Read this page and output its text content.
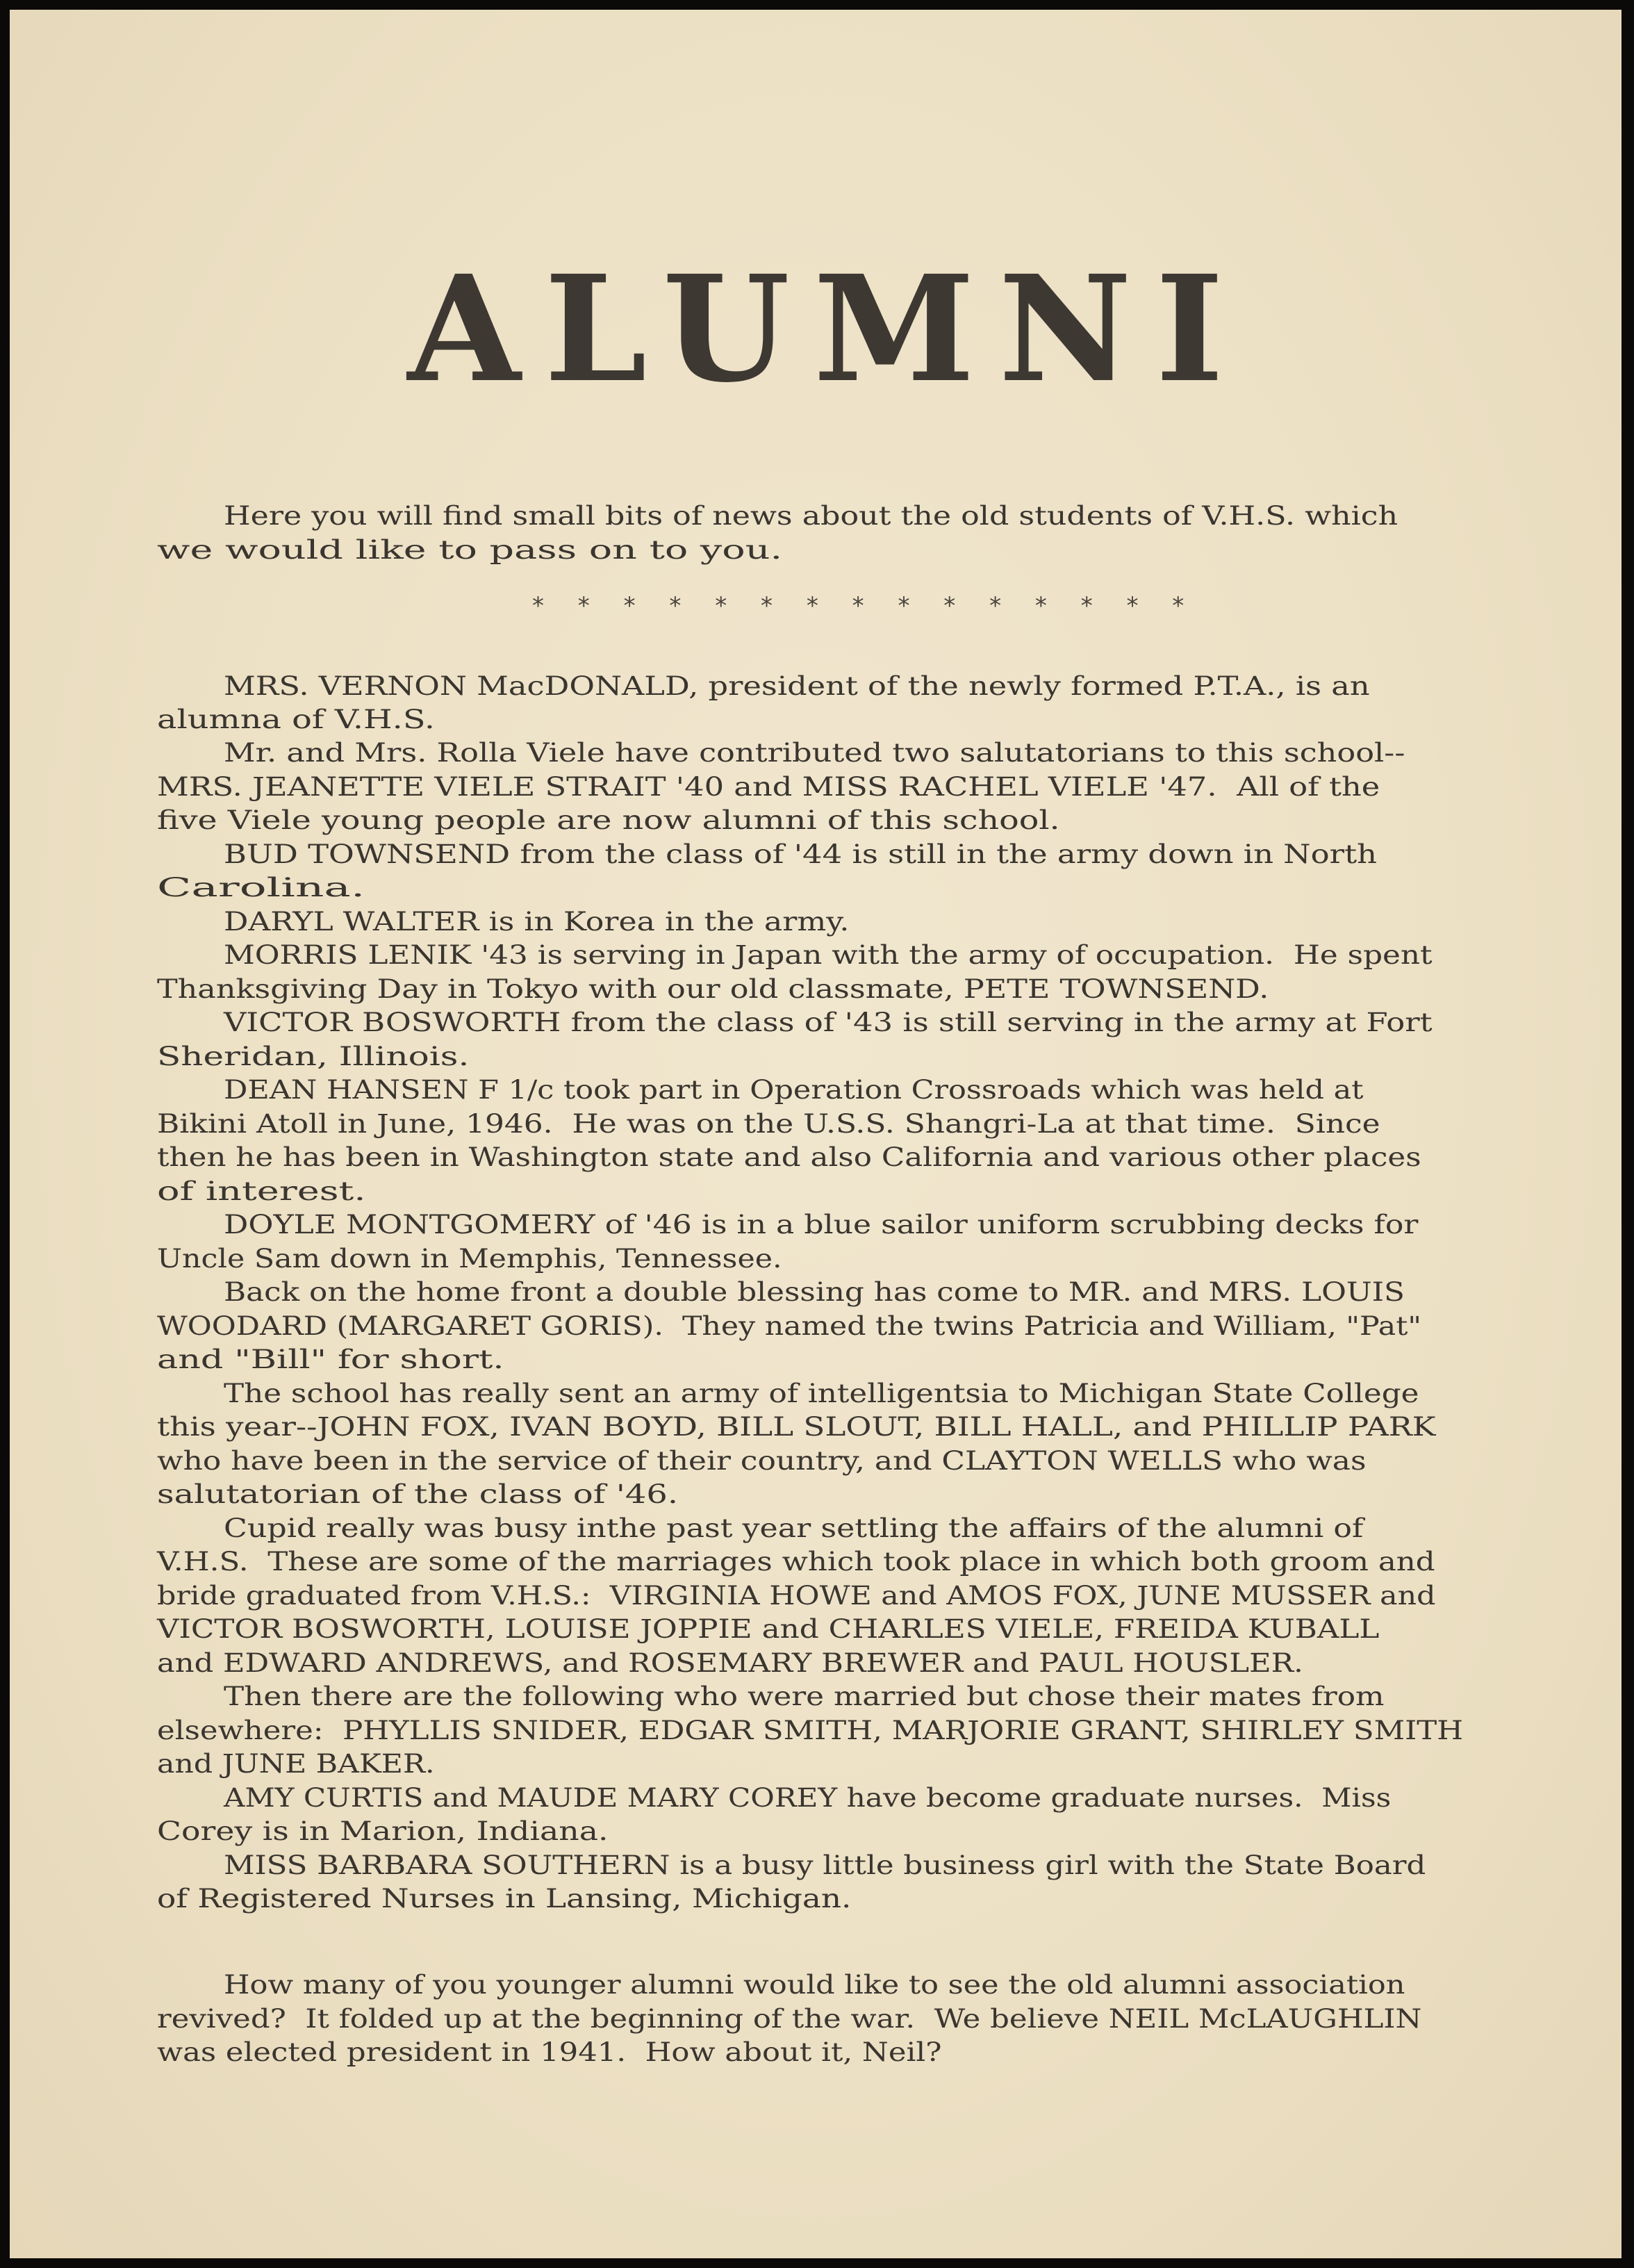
ALUMNI
Here you will find small bits of news about the old students of V.H.S. which
we would like to pass on to you.
* * * * * * * * * * * * * * *
MRS. VERNON MacDONALD, president of the newly formed P.T.A., is an
alumna of V.H.S.
Mr. and Mrs. Rolla Viele have contributed two salutatorians to this school--
MRS. JEANETTE VIELE STRAIT '40 and MISS RACHEL VIELE '47.  All of the
five Viele young people are now alumni of this school.
BUD TOWNSEND from the class of '44 is still in the army down in North
Carolina.
DARYL WALTER is in Korea in the army.
MORRIS LENIK '43 is serving in Japan with the army of occupation.  He spent
Thanksgiving Day in Tokyo with our old classmate, PETE TOWNSEND.
VICTOR BOSWORTH from the class of '43 is still serving in the army at Fort
Sheridan, Illinois.
DEAN HANSEN F 1/c took part in Operation Crossroads which was held at
Bikini Atoll in June, 1946.  He was on the U.S.S. Shangri-La at that time.  Since
then he has been in Washington state and also California and various other places
of interest.
DOYLE MONTGOMERY of '46 is in a blue sailor uniform scrubbing decks for
Uncle Sam down in Memphis, Tennessee.
Back on the home front a double blessing has come to MR. and MRS. LOUIS
WOODARD (MARGARET GORIS).  They named the twins Patricia and William, "Pat"
and "Bill" for short.
The school has really sent an army of intelligentsia to Michigan State College
this year--JOHN FOX, IVAN BOYD, BILL SLOUT, BILL HALL, and PHILLIP PARK
who have been in the service of their country, and CLAYTON WELLS who was
salutatorian of the class of '46.
Cupid really was busy inthe past year settling the affairs of the alumni of
V.H.S.  These are some of the marriages which took place in which both groom and
bride graduated from V.H.S.:  VIRGINIA HOWE and AMOS FOX, JUNE MUSSER and
VICTOR BOSWORTH, LOUISE JOPPIE and CHARLES VIELE, FREIDA KUBALL
and EDWARD ANDREWS, and ROSEMARY BREWER and PAUL HOUSLER.
Then there are the following who were married but chose their mates from
elsewhere:  PHYLLIS SNIDER, EDGAR SMITH, MARJORIE GRANT, SHIRLEY SMITH
and JUNE BAKER.
AMY CURTIS and MAUDE MARY COREY have become graduate nurses.  Miss
Corey is in Marion, Indiana.
MISS BARBARA SOUTHERN is a busy little business girl with the State Board
of Registered Nurses in Lansing, Michigan.
How many of you younger alumni would like to see the old alumni association
revived?  It folded up at the beginning of the war.  We believe NEIL McLAUGHLIN
was elected president in 1941.  How about it, Neil?
